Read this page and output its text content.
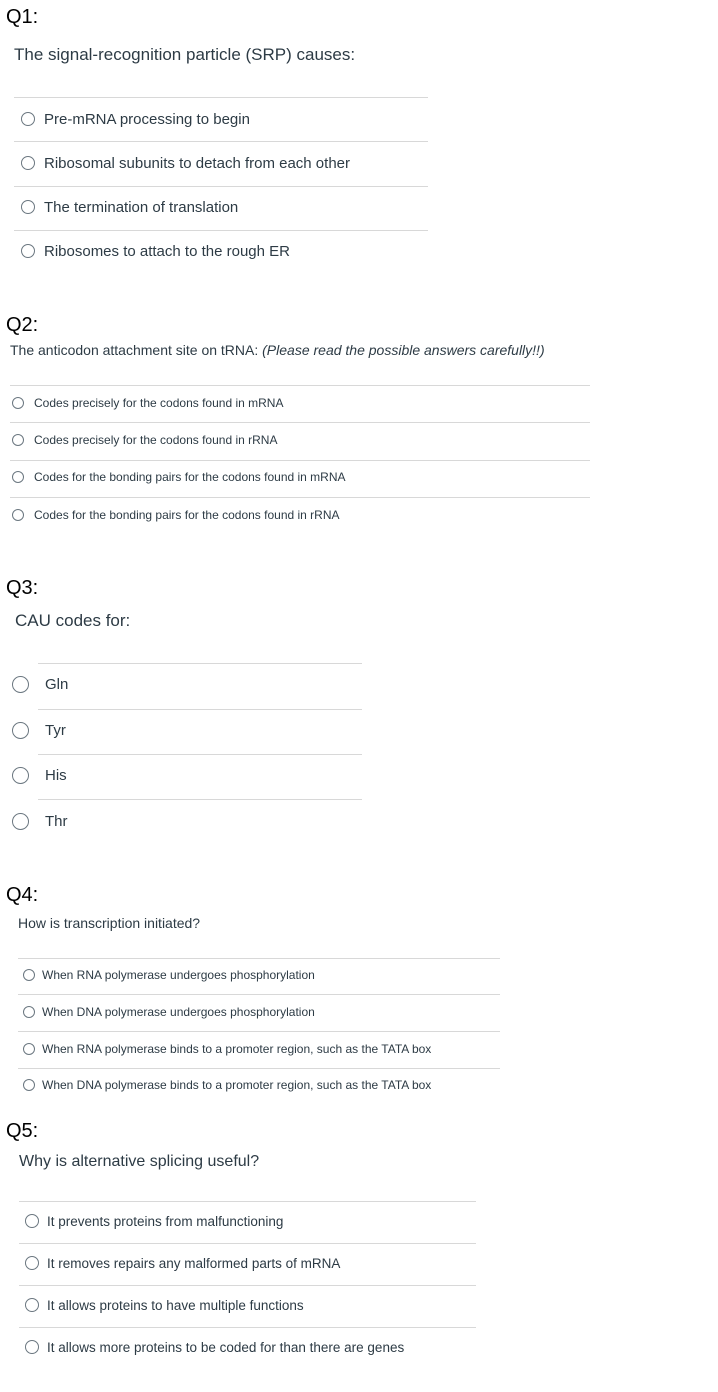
Q1:
The signal-recognition particle (SRP) causes:
Pre-mRNA processing to begin
Ribosomal subunits to detach from each other
The termination of translation
Ribosomes to attach to the rough ER
Q2:
The anticodon attachment site on tRNA: (Please read the possible answers carefully!!)
Codes precisely for the codons found in mRNA
Codes precisely for the codons found in rRNA
Codes for the bonding pairs for the codons found in mRNA
Codes for the bonding pairs for the codons found in rRNA
Q3:
CAU codes for:
Gln
Tyr
His
Thr
Q4:
How is transcription initiated?
When RNA polymerase undergoes phosphorylation
When DNA polymerase undergoes phosphorylation
When RNA polymerase binds to a promoter region, such as the TATA box
When DNA polymerase binds to a promoter region, such as the TATA box
Q5:
Why is alternative splicing useful?
It prevents proteins from malfunctioning
It removes repairs any malformed parts of mRNA
It allows proteins to have multiple functions
It allows more proteins to be coded for than there are genes
